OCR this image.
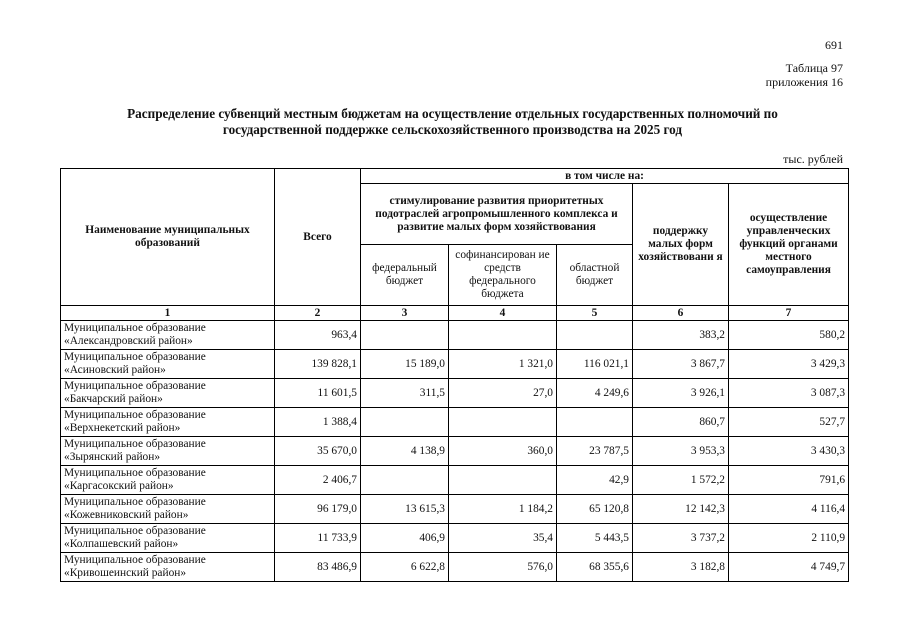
691
Таблица 97
приложения 16
Распределение субвенций местным бюджетам на осуществление отдельных государственных полномочий по
государственной поддержке сельскохозяйственного производства на 2025 год
тыс. рублей
Наименование муниципальных образований	Всего	в том числе на:				
		стимулирование развития приоритетных подотраслей агропромышленного комплекса и развитие малых форм хозяйствования			поддержку малых форм хозяйствовани я	осуществление управленческих функций органами местного самоуправления
		федеральный бюджет	софинансирован ие средств федерального бюджета	областной бюджет		
1	2	3	4	5	6	7

Муниципальное образование
«Александровский район»	963,4				383,2	580,2

Муниципальное образование
«Асиновский район»	139 828,1	15 189,0	1 321,0	116 021,1	3 867,7	3 429,3

Муниципальное образование
«Бакчарский район»	11 601,5	311,5	27,0	4 249,6	3 926,1	3 087,3

Муниципальное образование
«Верхнекетский район»	1 388,4				860,7	527,7

Муниципальное образование
«Зырянский район»	35 670,0	4 138,9	360,0	23 787,5	3 953,3	3 430,3

Муниципальное образование
«Каргасокский район»	2 406,7			42,9	1 572,2	791,6

Муниципальное образование
«Кожевниковский район»	96 179,0	13 615,3	1 184,2	65 120,8	12 142,3	4 116,4

Муниципальное образование
«Колпашевский район»	11 733,9	406,9	35,4	5 443,5	3 737,2	2 110,9

Муниципальное образование
«Кривошеинский район»	83 486,9	6 622,8	576,0	68 355,6	3 182,8	4 749,7
